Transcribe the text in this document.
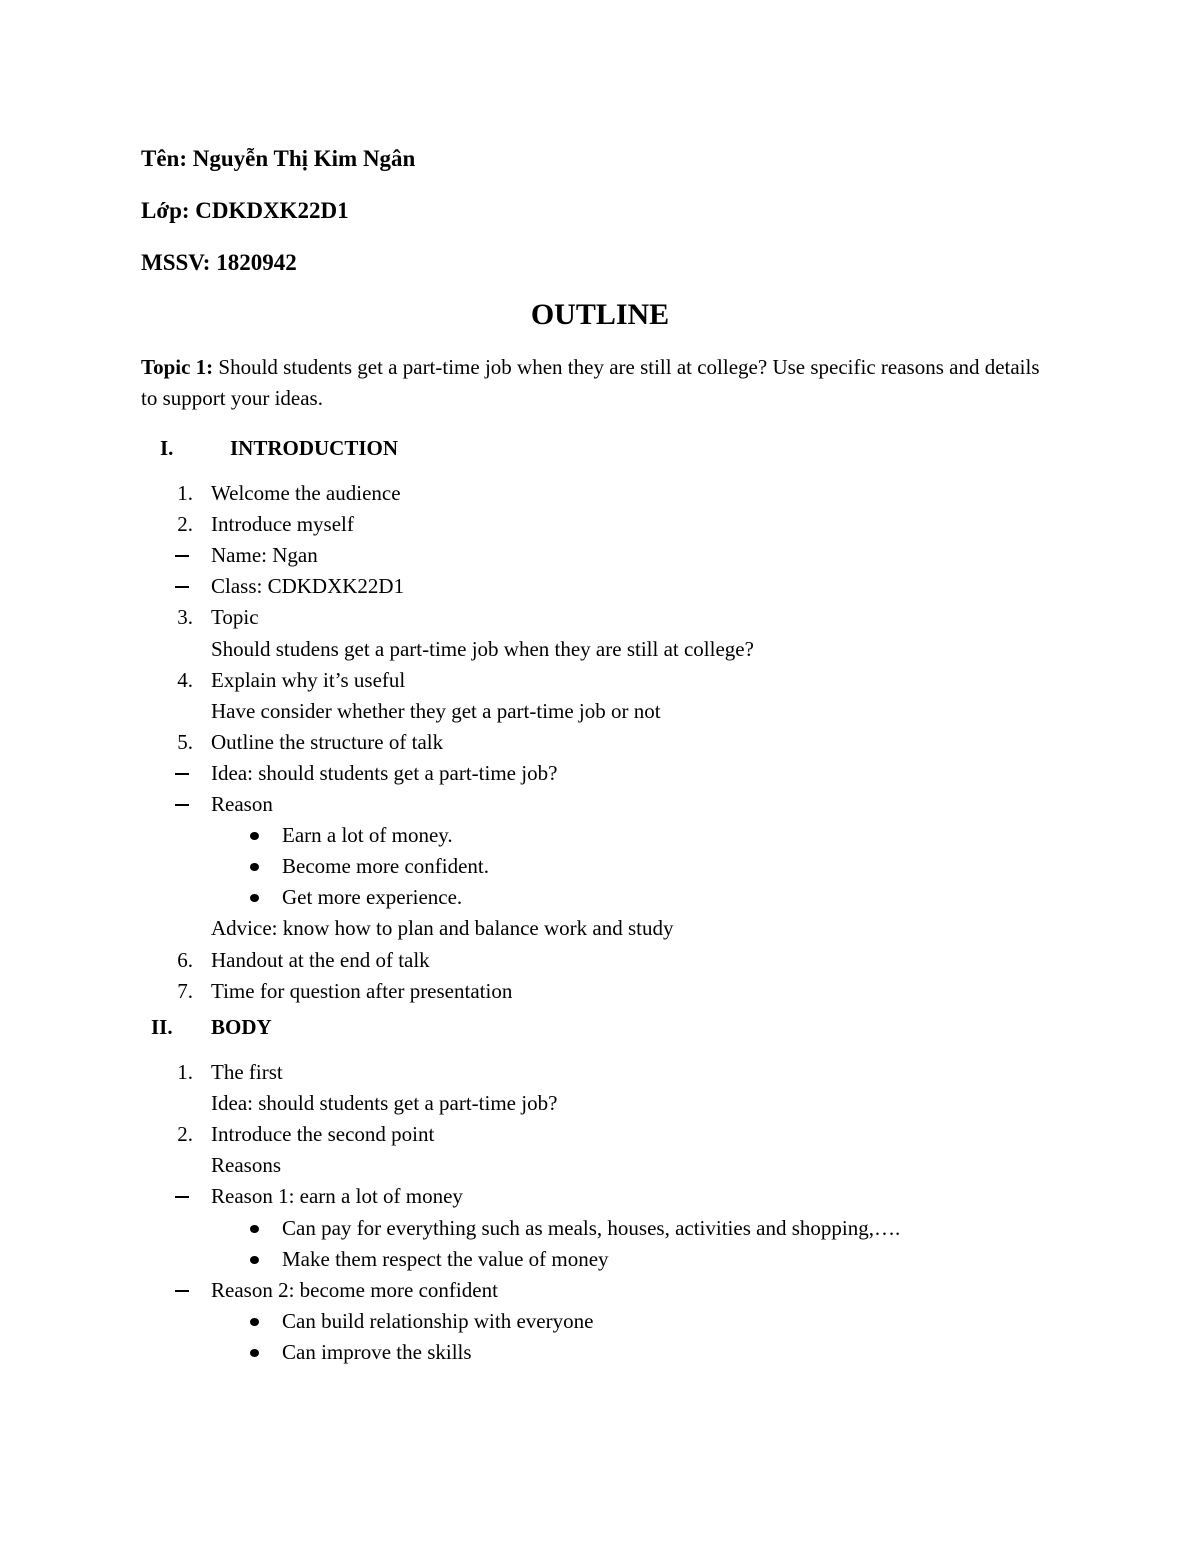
Tên: Nguyễn Thị Kim Ngân
Lớp: CDKDXK22D1
MSSV: 1820942
OUTLINE
Topic 1: Should students get a part-time job when they are still at college? Use specific reasons and details to support your ideas.
I.	INTRODUCTION
1. Welcome the audience
2. Introduce myself
Name: Ngan
Class: CDKDXK22D1
3. Topic
Should studens get a part-time job when they are still at college?
4. Explain why it’s useful
Have consider whether they get a part-time job or not
5. Outline the structure of talk
Idea: should students get a part-time job?
Reason
Earn a lot of money.
Become more confident.
Get more experience.
Advice: know how to plan and balance work and study
6. Handout at the end of talk
7. Time for question after presentation
II. BODY
1. The first
Idea: should students get a part-time job?
2. Introduce the second point
Reasons
Reason 1: earn a lot of money
Can pay for everything such as meals, houses, activities and shopping,….
Make them respect the value of money
Reason 2: become more confident
Can build relationship with everyone
Can improve the skills
